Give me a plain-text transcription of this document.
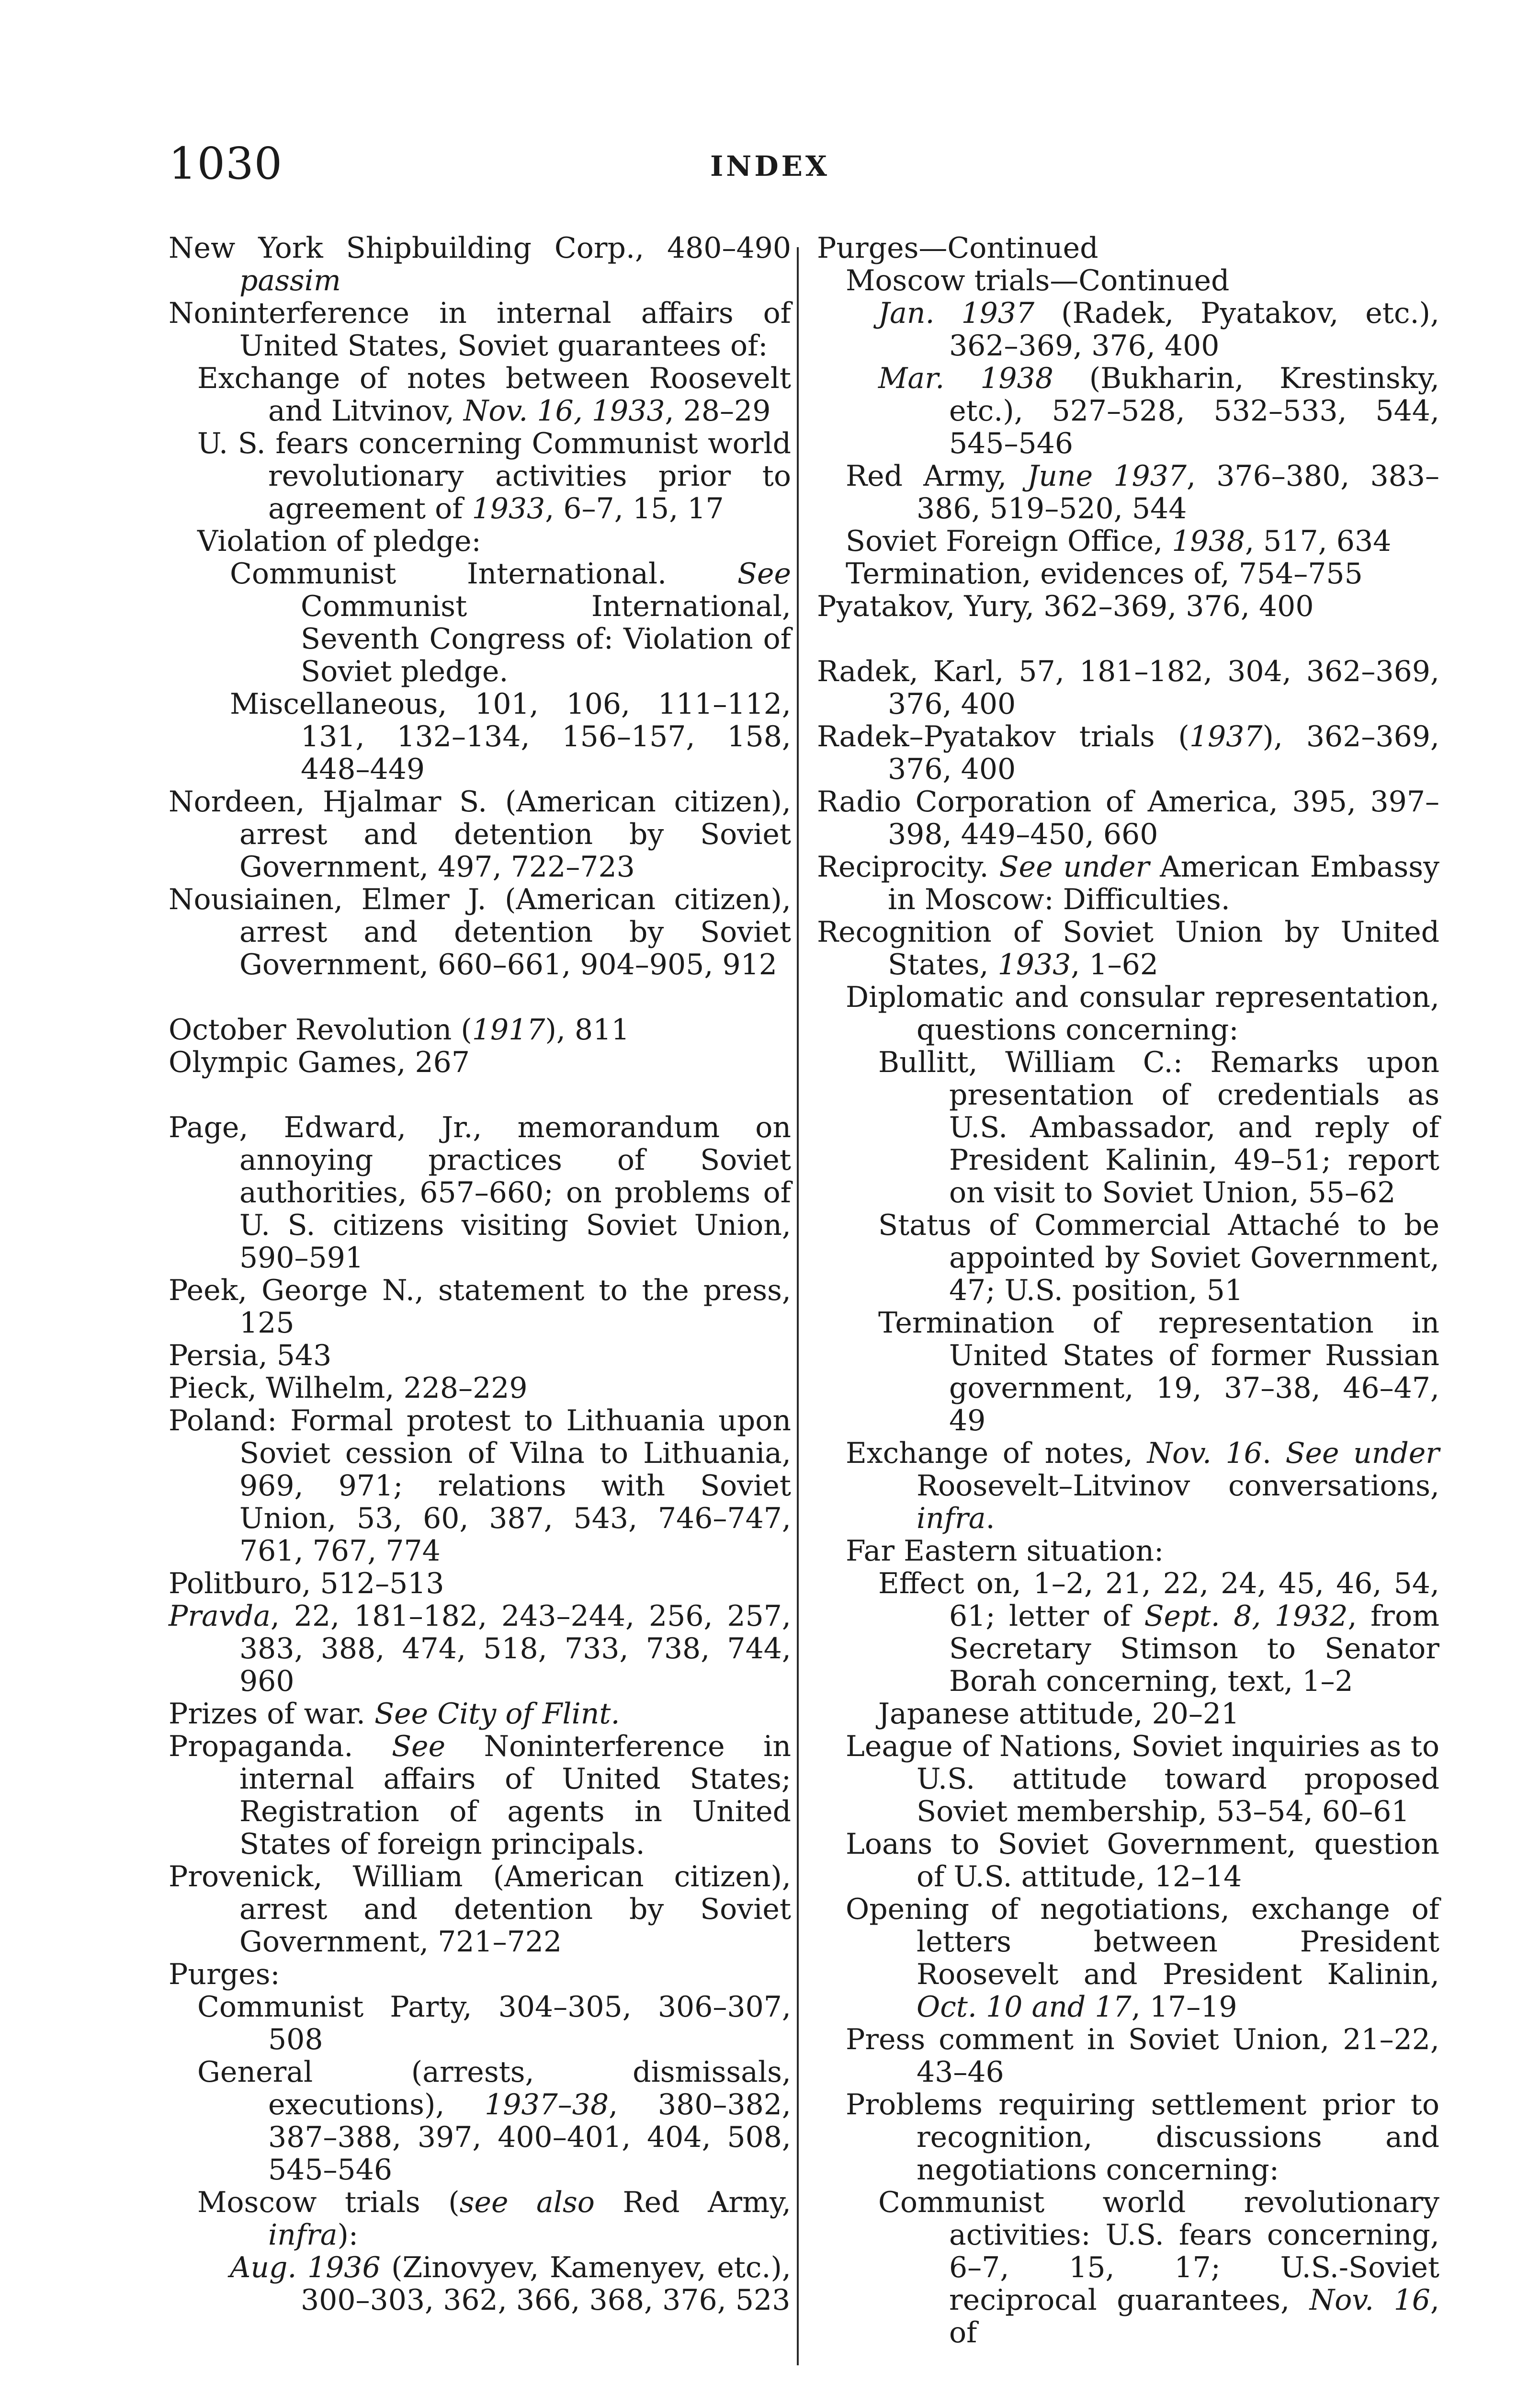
1030	INDEX

New York Shipbuilding Corp., 480–490 passim

Noninterference in internal affairs of United States, Soviet guarantees of:

Exchange of notes between Roosevelt and Litvinov, Nov. 16, 1933, 28–29

U. S. fears concerning Communist world revolutionary activities prior to agreement of 1933, 6–7, 15, 17

Violation of pledge:

Communist International. See Communist International, Seventh Congress of: Violation of Soviet pledge.

Miscellaneous, 101, 106, 111–112, 131, 132–134, 156–157, 158, 448–449

Nordeen, Hjalmar S. (American citizen), arrest and detention by Soviet Government, 497, 722–723

Nousiainen, Elmer J. (American citizen), arrest and detention by Soviet Government, 660–661, 904–905, 912

October Revolution (1917), 811

Olympic Games, 267

Page, Edward, Jr., memorandum on annoying practices of Soviet authorities, 657–660; on problems of U. S. citizens visiting Soviet Union, 590–591

Peek, George N., statement to the press, 125

Persia, 543

Pieck, Wilhelm, 228–229

Poland: Formal protest to Lithuania upon Soviet cession of Vilna to Lithuania, 969, 971; relations with Soviet Union, 53, 60, 387, 543, 746–747, 761, 767, 774

Politburo, 512–513

Pravda, 22, 181–182, 243–244, 256, 257, 383, 388, 474, 518, 733, 738, 744, 960

Prizes of war. See City of Flint.

Propaganda. See Noninterference in internal affairs of United States; Registration of agents in United States of foreign principals.

Provenick, William (American citizen), arrest and detention by Soviet Government, 721–722

Purges:

Communist Party, 304–305, 306–307, 508

General (arrests, dismissals, executions), 1937–38, 380–382, 387–388, 397, 400–401, 404, 508, 545–546

Moscow trials (see also Red Army, infra):

Aug. 1936 (Zinovyev, Kamenyev, etc.), 300–303, 362, 366, 368, 376, 523

Purges—Continued

Moscow trials—Continued

Jan. 1937 (Radek, Pyatakov, etc.), 362–369, 376, 400

Mar. 1938 (Bukharin, Krestinsky, etc.), 527–528, 532–533, 544, 545–546

Red Army, June 1937, 376–380, 383–386, 519–520, 544

Soviet Foreign Office, 1938, 517, 634

Termination, evidences of, 754–755

Pyatakov, Yury, 362–369, 376, 400

Radek, Karl, 57, 181–182, 304, 362–369, 376, 400

Radek–Pyatakov trials (1937), 362–369, 376, 400

Radio Corporation of America, 395, 397–398, 449–450, 660

Reciprocity. See under American Embassy in Moscow: Difficulties.

Recognition of Soviet Union by United States, 1933, 1–62

Diplomatic and consular representation, questions concerning:

Bullitt, William C.: Remarks upon presentation of credentials as U.S. Ambassador, and reply of President Kalinin, 49–51; report on visit to Soviet Union, 55–62

Status of Commercial Attaché to be appointed by Soviet Government, 47; U.S. position, 51

Termination of representation in United States of former Russian government, 19, 37–38, 46–47, 49

Exchange of notes, Nov. 16. See under Roosevelt–Litvinov conversations, infra.

Far Eastern situation:

Effect on, 1–2, 21, 22, 24, 45, 46, 54, 61; letter of Sept. 8, 1932, from Secretary Stimson to Senator Borah concerning, text, 1–2

Japanese attitude, 20–21

League of Nations, Soviet inquiries as to U.S. attitude toward proposed Soviet membership, 53–54, 60–61

Loans to Soviet Government, question of U.S. attitude, 12–14

Opening of negotiations, exchange of letters between President Roosevelt and President Kalinin, Oct. 10 and 17, 17–19

Press comment in Soviet Union, 21–22, 43–46

Problems requiring settlement prior to recognition, discussions and negotiations concerning:

Communist world revolutionary activities: U.S. fears concerning, 6–7, 15, 17; U.S.-Soviet reciprocal guarantees, Nov. 16, of
